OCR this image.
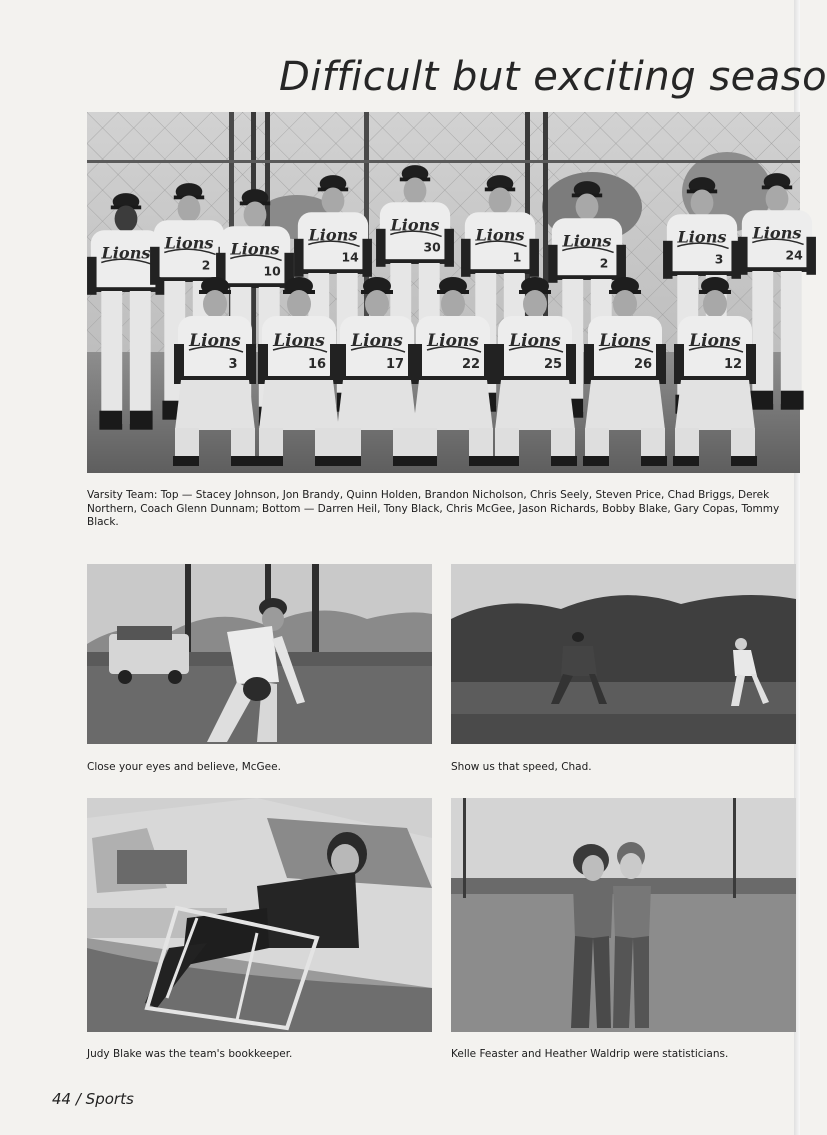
Difficult but exciting seaso
Lions
Lions
2
Lions
10
Lions
14
Lions
30
Lions
1
Lions
2
Lions
3
Lions
24
Lions
3
Lions
16
Lions
17
Lions
22
Lions
25
Lions
26
Lions
12
Varsity Team: Top — Stacey Johnson, Jon Brandy, Quinn Holden, Brandon Nicholson, Chris Seely, Steven Price, Chad Briggs, Derek Northern, Coach Glenn Dunnam; Bottom — Darren Heil, Tony Black, Chris McGee, Jason Richards, Bobby Blake, Gary Copas, Tommy Black.
Close your eyes and believe, McGee.	Show us that speed, Chad.
Judy Blake was the team's bookkeeper.	Kelle Feaster and Heather Waldrip were statisticians.
44 / Sports
